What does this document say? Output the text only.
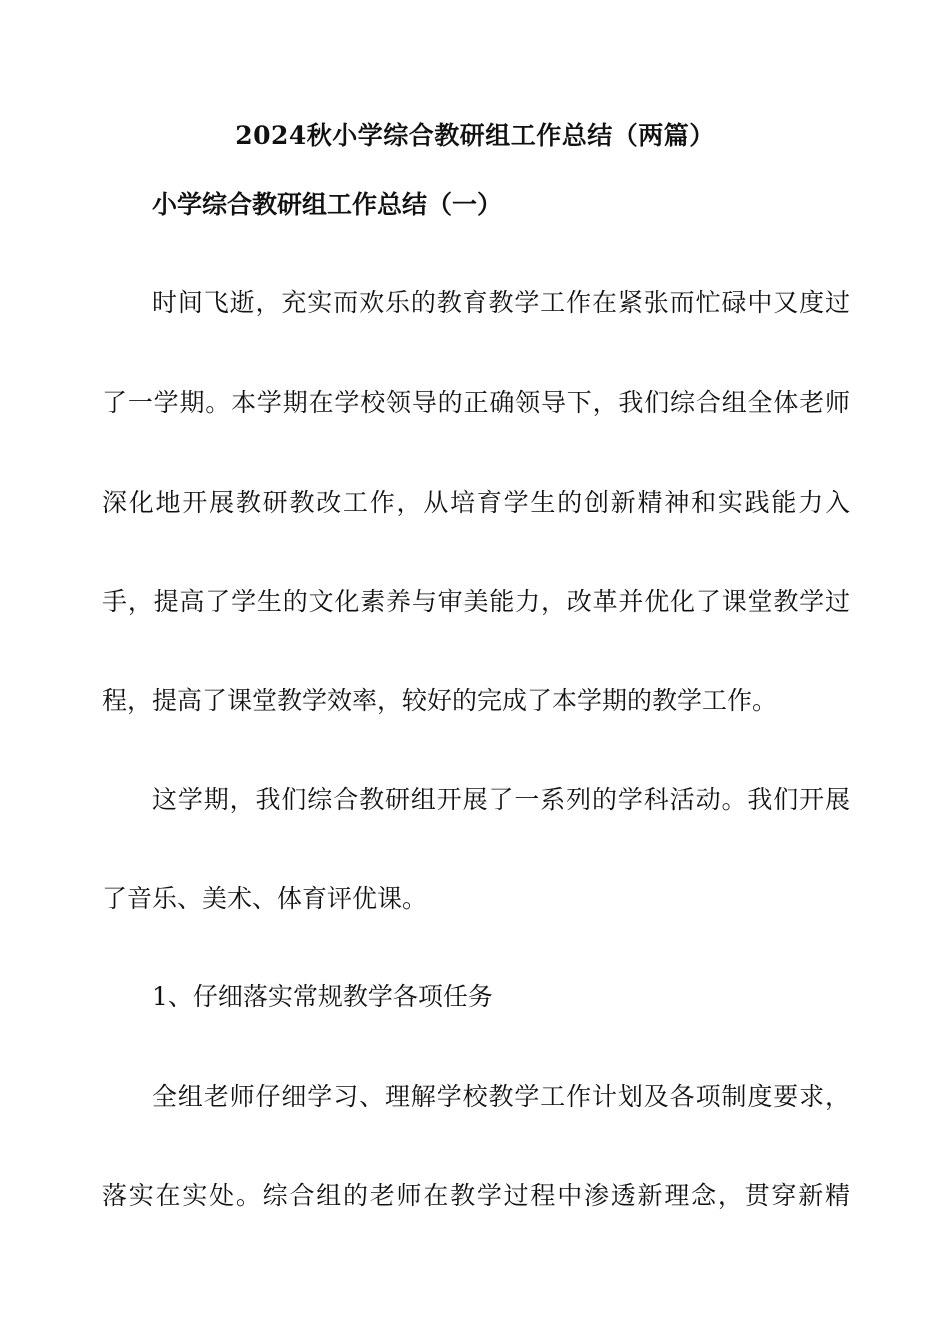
2024秋小学综合教研组工作总结（两篇）
小学综合教研组工作总结（一）

时间飞逝，充实而欢乐的教育教学工作在紧张而忙碌中又度过

了一学期。本学期在学校领导的正确领导下，我们综合组全体老师

深化地开展教研教改工作，从培育学生的创新精神和实践能力入

手，提高了学生的文化素养与审美能力，改革并优化了课堂教学过

程，提高了课堂教学效率，较好的完成了本学期的教学工作。

这学期，我们综合教研组开展了一系列的学科活动。我们开展

了音乐、美术、体育评优课。

1、仔细落实常规教学各项任务

全组老师仔细学习、理解学校教学工作计划及各项制度要求，

落实在实处。综合组的老师在教学过程中渗透新理念，贯穿新精
